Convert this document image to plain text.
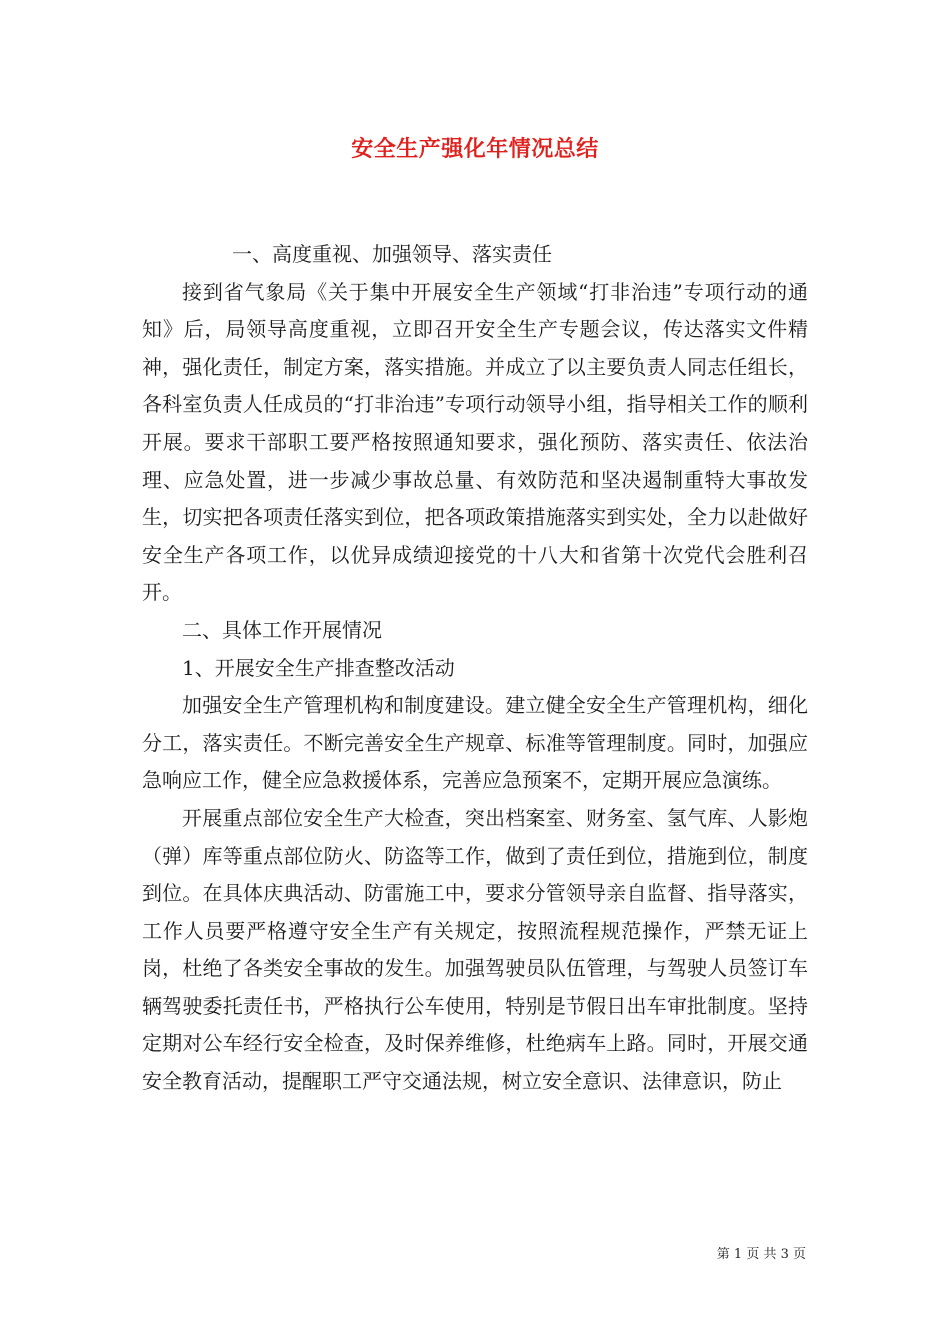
安全生产强化年情况总结

一、高度重视、加强领导、落实责任

接到省气象局《关于集中开展安全生产领域“打非治违”专项行动的通知》后，局领导高度重视，立即召开安全生产专题会议，传达落实文件精神，强化责任，制定方案，落实措施。并成立了以主要负责人同志任组长，各科室负责人任成员的“打非治违”专项行动领导小组，指导相关工作的顺利开展。要求干部职工要严格按照通知要求，强化预防、落实责任、依法治理、应急处置，进一步减少事故总量、有效防范和坚决遏制重特大事故发生，切实把各项责任落实到位，把各项政策措施落实到实处，全力以赴做好安全生产各项工作，以优异成绩迎接党的十八大和省第十次党代会胜利召开。

二、具体工作开展情况

1、开展安全生产排查整改活动

加强安全生产管理机构和制度建设。建立健全安全生产管理机构，细化分工，落实责任。不断完善安全生产规章、标准等管理制度。同时，加强应急响应工作，健全应急救援体系，完善应急预案不，定期开展应急演练。

开展重点部位安全生产大检查，突出档案室、财务室、氢气库、人影炮（弹）库等重点部位防火、防盗等工作，做到了责任到位，措施到位，制度到位。在具体庆典活动、防雷施工中，要求分管领导亲自监督、指导落实，工作人员要严格遵守安全生产有关规定，按照流程规范操作，严禁无证上岗，杜绝了各类安全事故的发生。加强驾驶员队伍管理，与驾驶人员签订车辆驾驶委托责任书，严格执行公车使用，特别是节假日出车审批制度。坚持定期对公车经行安全检查，及时保养维修，杜绝病车上路。同时，开展交通安全教育活动，提醒职工严守交通法规，树立安全意识、法律意识，防止

第 1 页 共 3 页
